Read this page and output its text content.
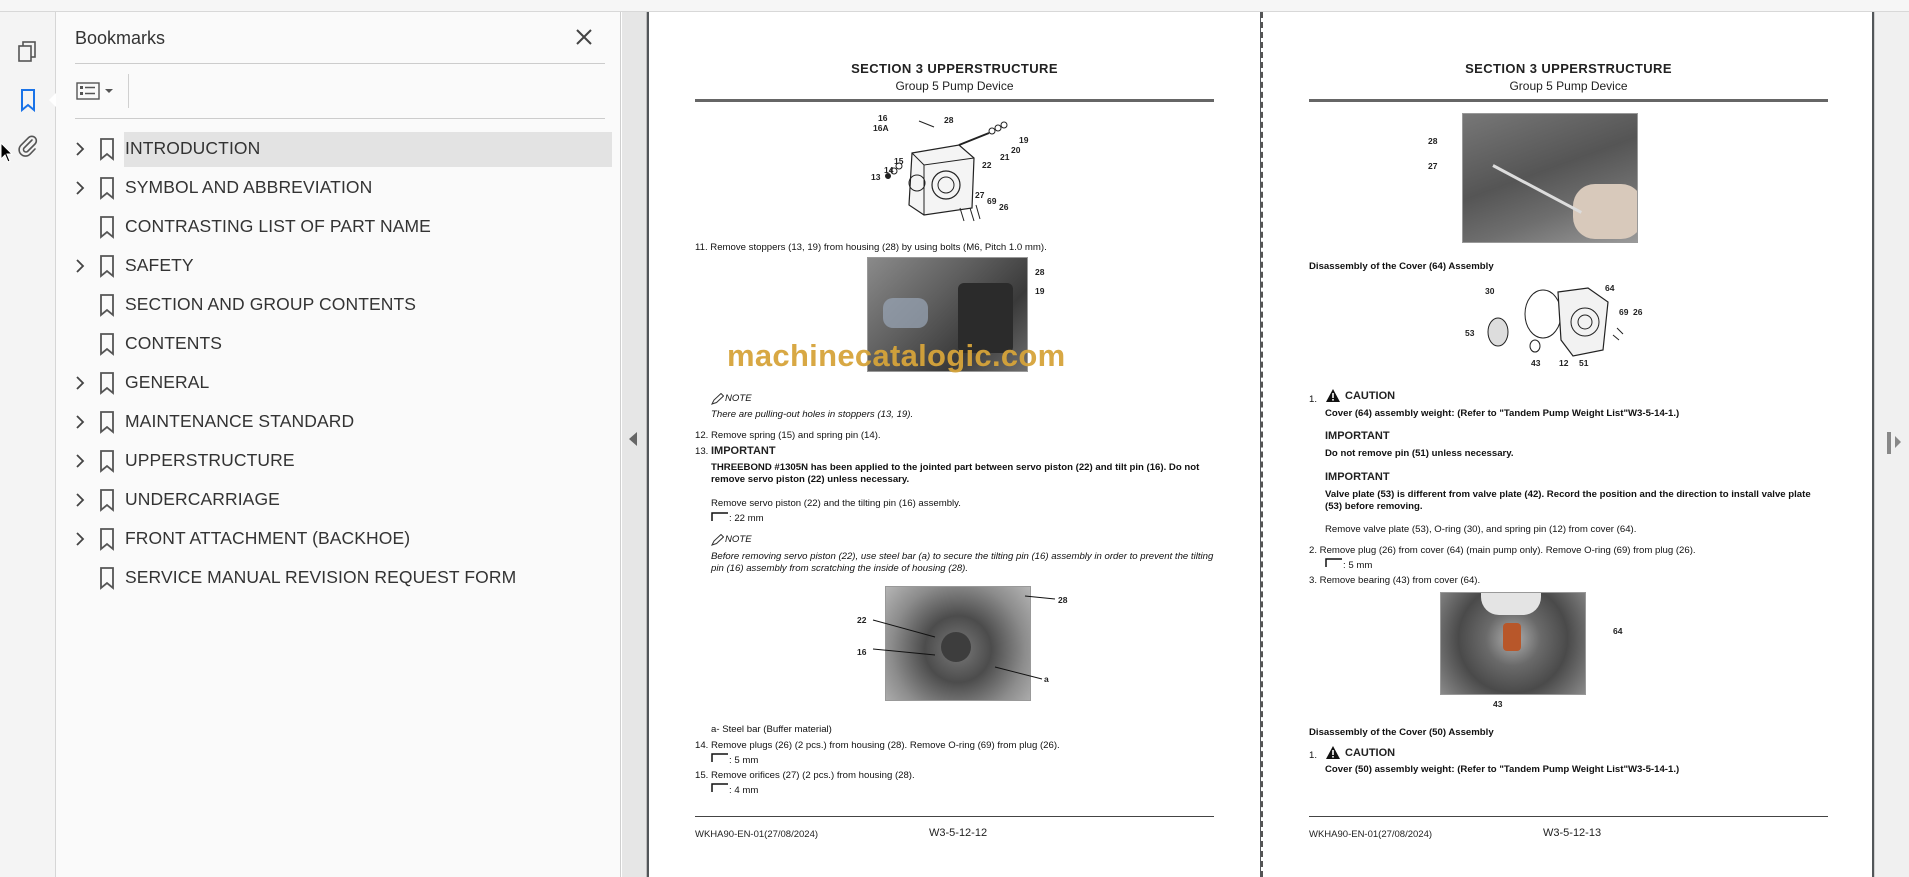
Bookmarks
INTRODUCTION
SYMBOL AND ABBREVIATION
CONTRASTING LIST OF PART NAME
SAFETY
SECTION AND GROUP CONTENTS
CONTENTS
GENERAL
MAINTENANCE STANDARD
UPPERSTRUCTURE
UNDERCARRIAGE
FRONT ATTACHMENT (BACKHOE)
SERVICE MANUAL REVISION REQUEST FORM
SECTION 3 UPPERSTRUCTURE
Group 5 Pump Device
16
16A
28
19
20
21
22
15
14
13
27
69
26
11. Remove stoppers (13, 19) from housing (28) by using bolts (M6, Pitch 1.0 mm).
28
19
NOTE
There are pulling-out holes in stoppers (13, 19).
12. Remove spring (15) and spring pin (14).
13. IMPORTANT
THREEBOND #1305N has been applied to the jointed part between servo piston (22) and tilt pin (16). Do not remove servo piston (22) unless necessary.
Remove servo piston (22) and the tilting pin (16) assembly.
: 22 mm
NOTE
Before removing servo piston (22), use steel bar (a) to secure the tilting pin (16) assembly in order to prevent the tilting pin (16) assembly from scratching the inside of housing (28).
28
22
16
a
a- Steel bar (Buffer material)
14. Remove plugs (26) (2 pcs.) from housing (28). Remove O-ring (69) from plug (26).
: 5 mm
15. Remove orifices (27) (2 pcs.) from housing (28).
: 4 mm
WKHA90-EN-01(27/08/2024)	W3-5-12-12
SECTION 3 UPPERSTRUCTURE
Group 5 Pump Device
28
27
Disassembly of the Cover (64) Assembly
30	64
53
69 26
43 12 51
1.	CAUTION
Cover (64) assembly weight: (Refer to "Tandem Pump Weight List"W3-5-14-1.)
IMPORTANT
Do not remove pin (51) unless necessary.
IMPORTANT
Valve plate (53) is different from valve plate (42). Record the position and the direction to install valve plate (53) before removing.
Remove valve plate (53), O-ring (30), and spring pin (12) from cover (64).
2. Remove plug (26) from cover (64) (main pump only). Remove O-ring (69) from plug (26).
: 5 mm
3. Remove bearing (43) from cover (64).
64
43
Disassembly of the Cover (50) Assembly
1.	CAUTION
Cover (50) assembly weight: (Refer to "Tandem Pump Weight List"W3-5-14-1.)
WKHA90-EN-01(27/08/2024)	W3-5-12-13
machinecatalogic.com
